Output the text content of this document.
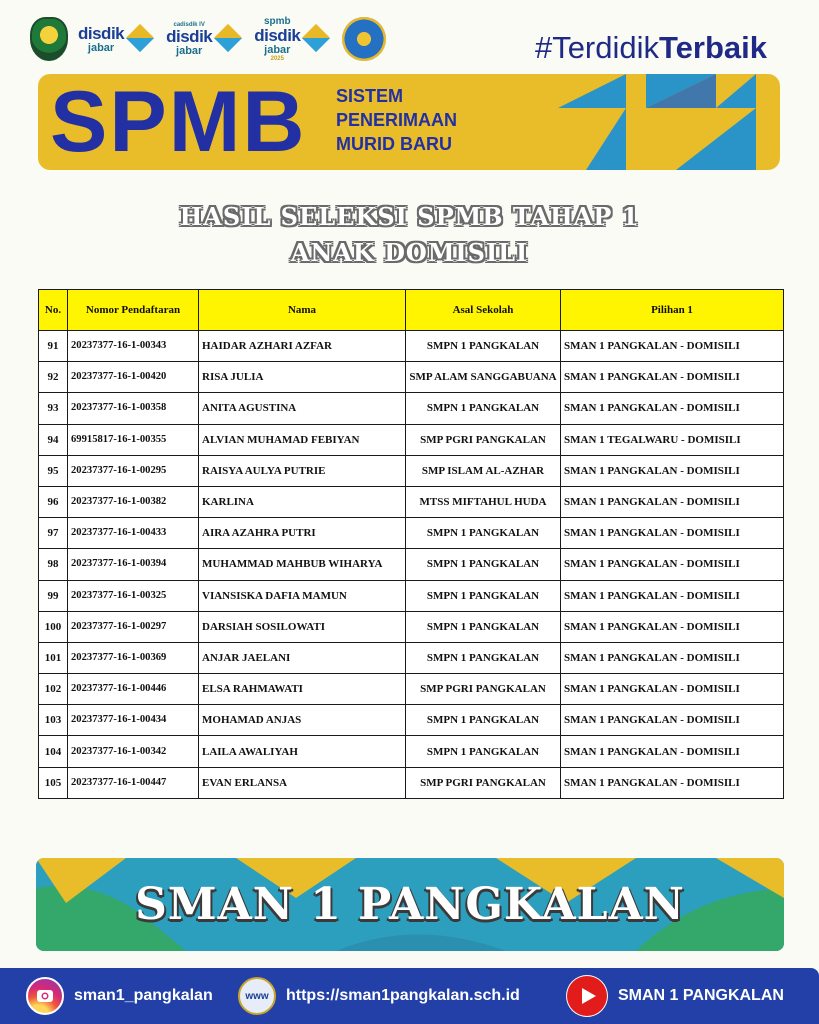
disdik
jabar
cadisdik IV
disdik
jabar
spmb
disdik
jabar
2025	#TerdidikTerbaik
SPMB SISTEM
PENERIMAAN
MURID BARU
HASIL SELEKSI SPMB TAHAP 1
ANAK DOMISILI
No.	Nomor Pendaftaran	Nama	Asal Sekolah	Pilihan 1
91	20237377-16-1-00343	HAIDAR AZHARI AZFAR	SMPN 1 PANGKALAN	SMAN 1 PANGKALAN - DOMISILI
92	20237377-16-1-00420	RISA JULIA	SMP ALAM SANGGABUANA	SMAN 1 PANGKALAN - DOMISILI
93	20237377-16-1-00358	ANITA AGUSTINA	SMPN 1 PANGKALAN	SMAN 1 PANGKALAN - DOMISILI
94	69915817-16-1-00355	ALVIAN MUHAMAD FEBIYAN	SMP PGRI PANGKALAN	SMAN 1 TEGALWARU - DOMISILI
95	20237377-16-1-00295	RAISYA AULYA PUTRIE	SMP ISLAM AL-AZHAR	SMAN 1 PANGKALAN - DOMISILI
96	20237377-16-1-00382	KARLINA	MTSS MIFTAHUL HUDA	SMAN 1 PANGKALAN - DOMISILI
97	20237377-16-1-00433	AIRA AZAHRA PUTRI	SMPN 1 PANGKALAN	SMAN 1 PANGKALAN - DOMISILI
98	20237377-16-1-00394	MUHAMMAD MAHBUB WIHARYA	SMPN 1 PANGKALAN	SMAN 1 PANGKALAN - DOMISILI
99	20237377-16-1-00325	VIANSISKA DAFIA MAMUN	SMPN 1 PANGKALAN	SMAN 1 PANGKALAN - DOMISILI
100	20237377-16-1-00297	DARSIAH SOSILOWATI	SMPN 1 PANGKALAN	SMAN 1 PANGKALAN - DOMISILI
101	20237377-16-1-00369	ANJAR JAELANI	SMPN 1 PANGKALAN	SMAN 1 PANGKALAN - DOMISILI
102	20237377-16-1-00446	ELSA RAHMAWATI	SMP PGRI PANGKALAN	SMAN 1 PANGKALAN - DOMISILI
103	20237377-16-1-00434	MOHAMAD ANJAS	SMPN 1 PANGKALAN	SMAN 1 PANGKALAN - DOMISILI
104	20237377-16-1-00342	LAILA AWALIYAH	SMPN 1 PANGKALAN	SMAN 1 PANGKALAN - DOMISILI
105	20237377-16-1-00447	EVAN ERLANSA	SMP PGRI PANGKALAN	SMAN 1 PANGKALAN - DOMISILI
SMAN 1 PANGKALAN
sman1_pangkalan	www https://sman1pangkalan.sch.id	SMAN 1 PANGKALAN
